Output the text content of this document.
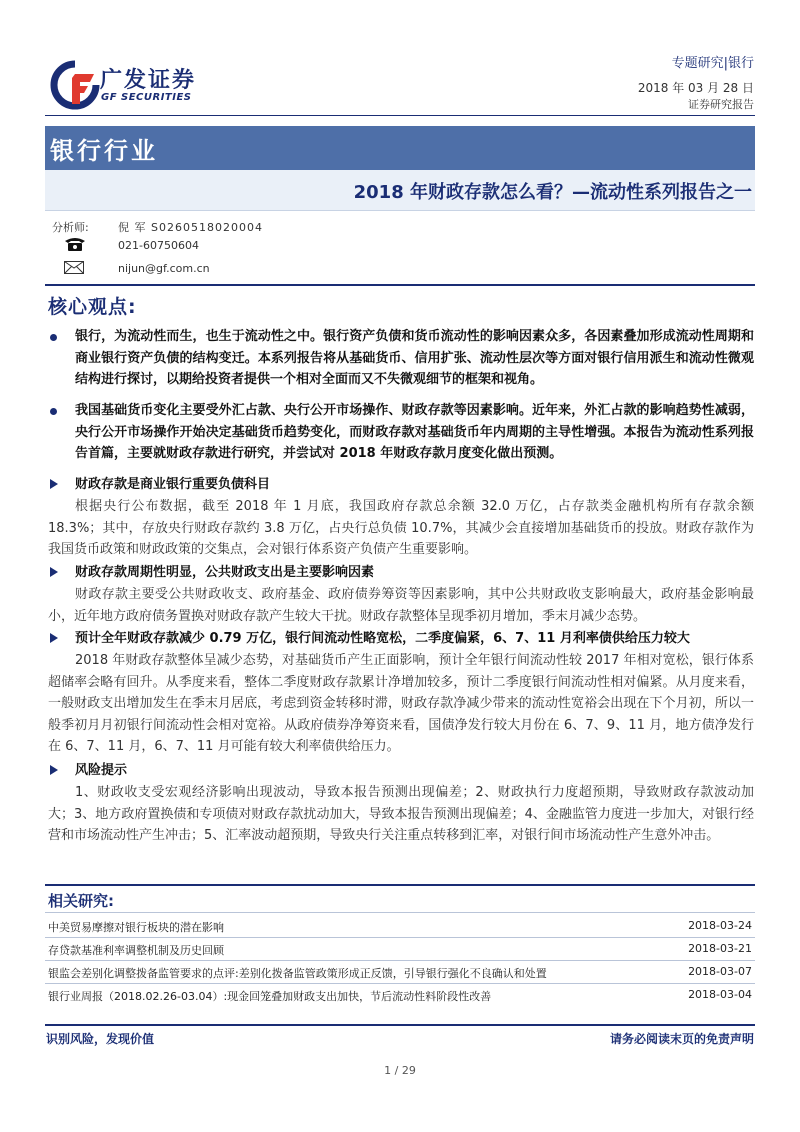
广发证券
GF SECURITIES
专题研究|银行
2018 年 03 月 28 日
证券研究报告
银行行业
2018 年财政存款怎么看？—流动性系列报告之一
分析师:	倪 军 S0260518020004
021-60750604
nijun@gf.com.cn
核心观点:
银行，为流动性而生，也生于流动性之中。银行资产负债和货币流动性的影响因素众多，各因素叠加形成流动性周期和商业银行资产负债的结构变迁。本系列报告将从基础货币、信用扩张、流动性层次等方面对银行信用派生和流动性微观结构进行探讨，以期给投资者提供一个相对全面而又不失微观细节的框架和视角。
我国基础货币变化主要受外汇占款、央行公开市场操作、财政存款等因素影响。近年来，外汇占款的影响趋势性减弱，央行公开市场操作开始决定基础货币趋势变化，而财政存款对基础货币年内周期的主导性增强。本报告为流动性系列报告首篇，主要就财政存款进行研究，并尝试对 2018 年财政存款月度变化做出预测。
财政存款是商业银行重要负债科目
根据央行公布数据，截至 2018 年 1 月底，我国政府存款总余额 32.0 万亿，占存款类金融机构所有存款余额 18.3%；其中，存放央行财政存款约 3.8 万亿，占央行总负债 10.7%，其减少会直接增加基础货币的投放。财政存款作为我国货币政策和财政政策的交集点，会对银行体系资产负债产生重要影响。
财政存款周期性明显，公共财政支出是主要影响因素
财政存款主要受公共财政收支、政府基金、政府债券筹资等因素影响，其中公共财政收支影响最大，政府基金影响最小，近年地方政府债务置换对财政存款产生较大干扰。财政存款整体呈现季初月增加，季末月减少态势。
预计全年财政存款减少 0.79 万亿，银行间流动性略宽松，二季度偏紧，6、7、11 月利率债供给压力较大
2018 年财政存款整体呈减少态势，对基础货币产生正面影响，预计全年银行间流动性较 2017 年相对宽松，银行体系超储率会略有回升。从季度来看，整体二季度财政存款累计净增加较多，预计二季度银行间流动性相对偏紧。从月度来看，一般财政支出增加发生在季末月居底，考虑到资金转移时滞，财政存款净减少带来的流动性宽裕会出现在下个月初，所以一般季初月月初银行间流动性会相对宽裕。从政府债券净筹资来看，国债净发行较大月份在 6、7、9、11 月，地方债净发行在 6、7、11 月，6、7、11 月可能有较大利率债供给压力。
风险提示
1、财政收支受宏观经济影响出现波动，导致本报告预测出现偏差；2、财政执行力度超预期，导致财政存款波动加大；3、地方政府置换债和专项债对财政存款扰动加大，导致本报告预测出现偏差；4、金融监管力度进一步加大，对银行经营和市场流动性产生冲击；5、汇率波动超预期，导致央行关注重点转移到汇率，对银行间市场流动性产生意外冲击。
相关研究:
中美贸易摩擦对银行板块的潜在影响	2018-03-24
存贷款基准利率调整机制及历史回顾	2018-03-21
银监会差别化调整拨备监管要求的点评:差别化拨备监管政策形成正反馈，引导银行强化不良确认和处置	2018-03-07
银行业周报（2018.02.26-03.04）:现金回笼叠加财政支出加快，节后流动性料阶段性改善	2018-03-04
识别风险，发现价值	请务必阅读末页的免责声明
1 / 29
